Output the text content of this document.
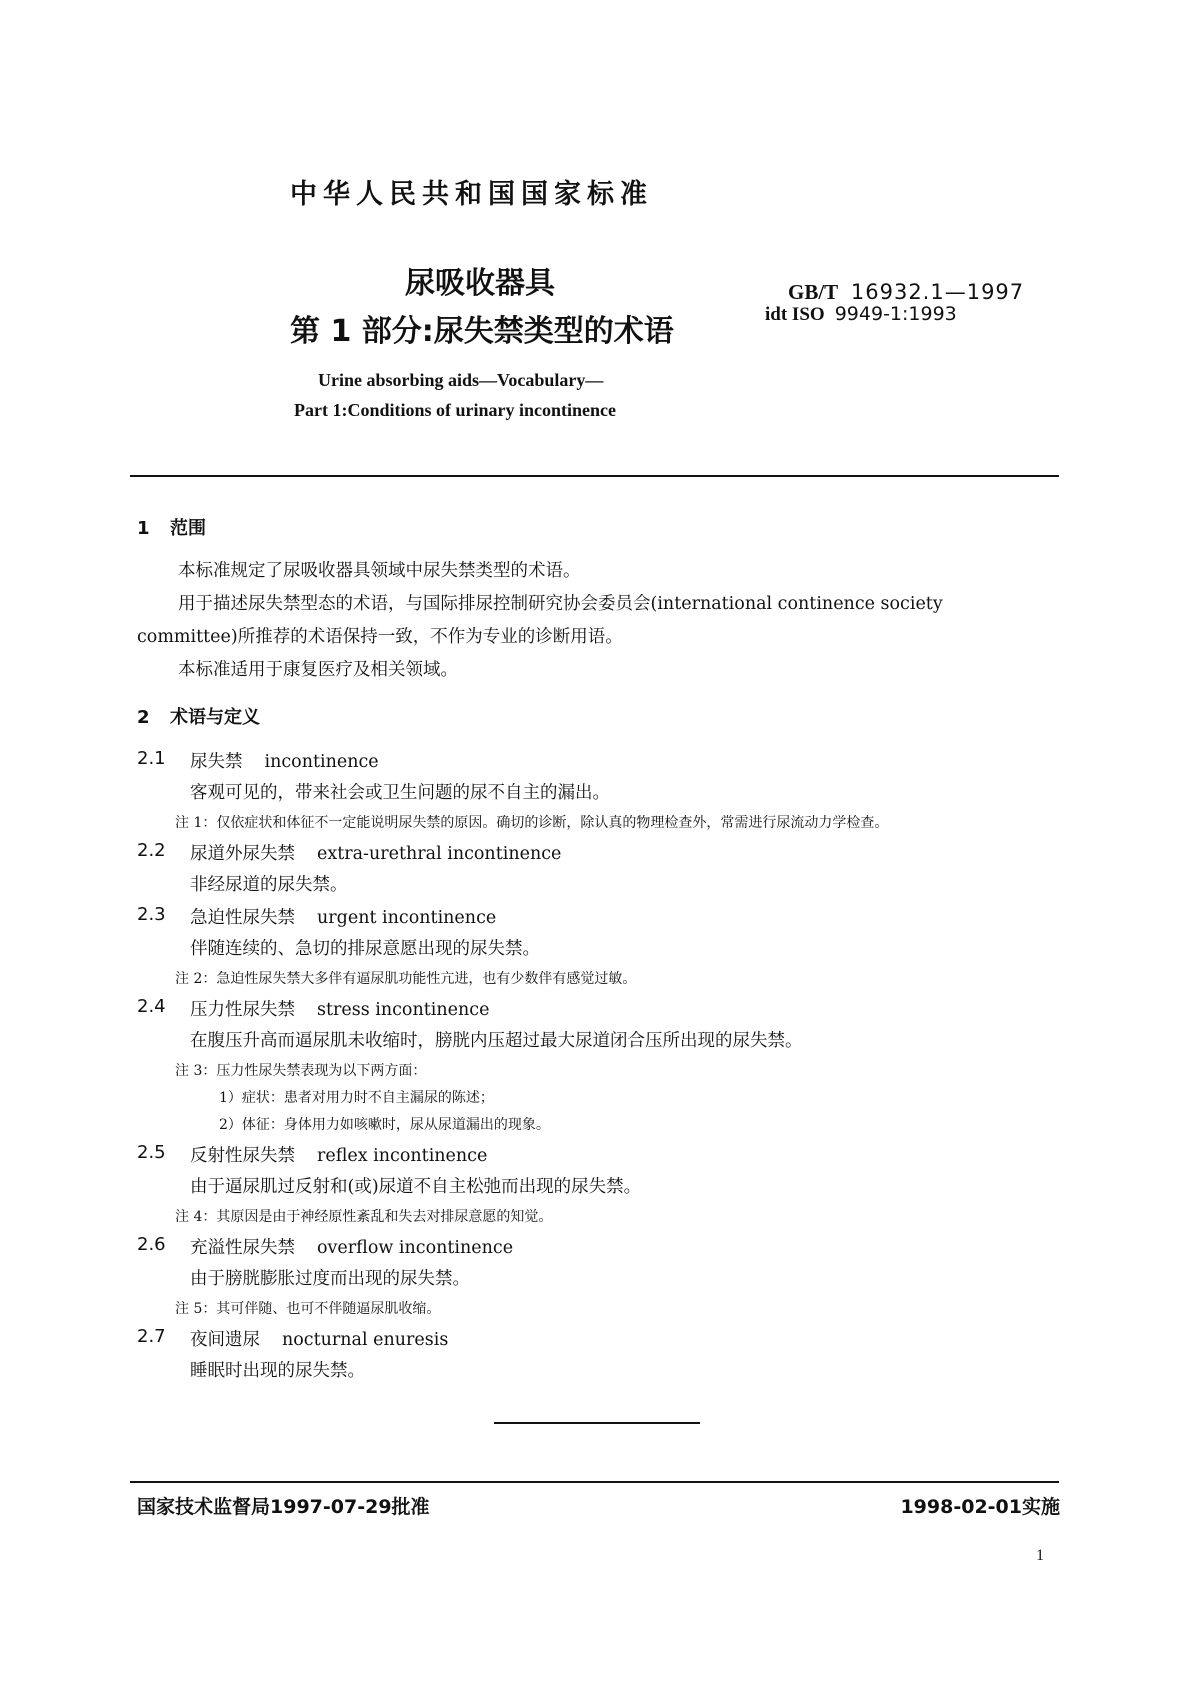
中华人民共和国国家标准
尿吸收器具
第 1 部分:尿失禁类型的术语
GB/T 16932.1—1997
idt ISO 9949-1:1993
Urine absorbing aids—Vocabulary—
Part 1:Conditions of urinary incontinence
1 范围
本标准规定了尿吸收器具领域中尿失禁类型的术语。
用于描述尿失禁型态的术语，与国际排尿控制研究协会委员会(international continence society
committee)所推荐的术语保持一致，不作为专业的诊断用语。
本标准适用于康复医疗及相关领域。
2 术语与定义
2.1 尿失禁 incontinence
客观可见的，带来社会或卫生问题的尿不自主的漏出。
注 1：仅依症状和体征不一定能说明尿失禁的原因。确切的诊断，除认真的物理检查外，常需进行尿流动力学检查。
2.2 尿道外尿失禁 extra-urethral incontinence
非经尿道的尿失禁。
2.3 急迫性尿失禁 urgent incontinence
伴随连续的、急切的排尿意愿出现的尿失禁。
注 2：急迫性尿失禁大多伴有逼尿肌功能性亢进，也有少数伴有感觉过敏。
2.4 压力性尿失禁 stress incontinence
在腹压升高而逼尿肌未收缩时，膀胱内压超过最大尿道闭合压所出现的尿失禁。
注 3：压力性尿失禁表现为以下两方面：
1）症状：患者对用力时不自主漏尿的陈述；
2）体征：身体用力如咳嗽时，尿从尿道漏出的现象。
2.5 反射性尿失禁 reflex incontinence
由于逼尿肌过反射和(或)尿道不自主松弛而出现的尿失禁。
注 4：其原因是由于神经原性紊乱和失去对排尿意愿的知觉。
2.6 充溢性尿失禁 overflow incontinence
由于膀胱膨胀过度而出现的尿失禁。
注 5：其可伴随、也可不伴随逼尿肌收缩。
2.7 夜间遗尿 nocturnal enuresis
睡眠时出现的尿失禁。
国家技术监督局1997-07-29批准	1998-02-01实施
1
